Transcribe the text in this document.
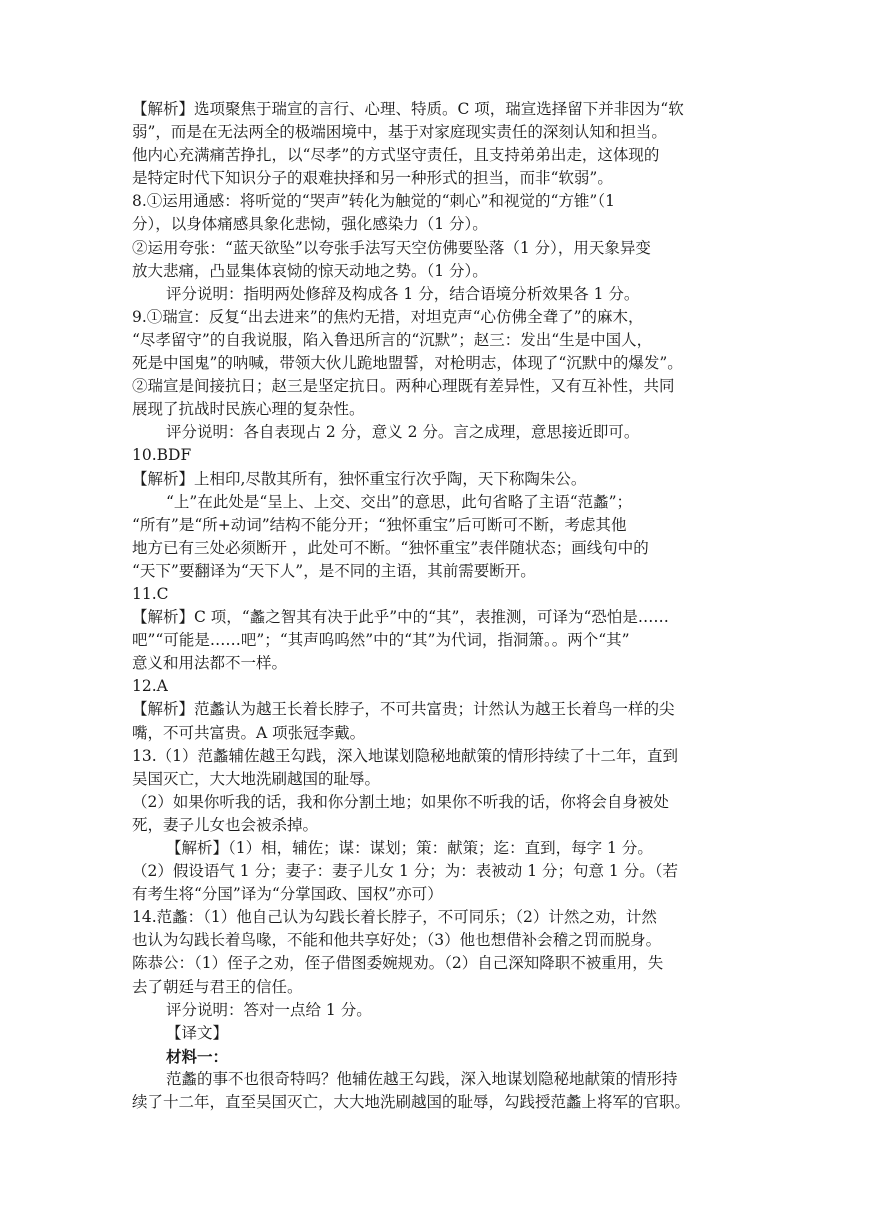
【解析】选项聚焦于瑞宣的言行、心理、特质。C 项，瑞宣选择留下并非因为“软

弱”，而是在无法两全的极端困境中，基于对家庭现实责任的深刻认知和担当。

他内心充满痛苦挣扎，以“尽孝”的方式坚守责任，且支持弟弟出走，这体现的

是特定时代下知识分子的艰难抉择和另一种形式的担当，而非“软弱”。

8.①运用通感：将听觉的“哭声”转化为触觉的“刺心”和视觉的“方锥”（1

分），以身体痛感具象化悲恸，强化感染力（1 分）。

②运用夸张：“蓝天欲坠”以夸张手法写天空仿佛要坠落（1 分），用天象异变

放大悲痛，凸显集体哀恸的惊天动地之势。（1 分）。

评分说明：指明两处修辞及构成各 1 分，结合语境分析效果各 1 分。

9.①瑞宣：反复“出去进来”的焦灼无措，对坦克声“心仿佛全聋了”的麻木，

“尽孝留守”的自我说服，陷入鲁迅所言的“沉默”；赵三：发出“生是中国人，

死是中国鬼”的呐喊，带领大伙儿跪地盟誓，对枪明志，体现了“沉默中的爆发”。

②瑞宣是间接抗日；赵三是坚定抗日。两种心理既有差异性，又有互补性，共同

展现了抗战时民族心理的复杂性。

评分说明：各自表现占 2 分，意义 2 分。言之成理，意思接近即可。

10.BDF

【解析】上相印,尽散其所有，独怀重宝行次乎陶，天下称陶朱公。

“上”在此处是“呈上、上交、交出”的意思，此句省略了主语“范蠡”；

“所有”是“所+动词”结构不能分开；“独怀重宝”后可断可不断，考虑其他

地方已有三处必须断开 ，此处可不断。“独怀重宝”表伴随状态；画线句中的

“天下”要翻译为“天下人”，是不同的主语，其前需要断开。

11.C

【解析】C 项，“蠡之智其有决于此乎”中的“其”，表推测，可译为“恐怕是……

吧”“可能是……吧”；“其声呜呜然”中的“其”为代词，指洞箫。。两个“其”

意义和用法都不一样。

12.A

【解析】范蠡认为越王长着长脖子，不可共富贵；计然认为越王长着鸟一样的尖

嘴，不可共富贵。A 项张冠李戴。

13.（1）范蠡辅佐越王勾践，深入地谋划隐秘地献策的情形持续了十二年，直到

吴国灭亡，大大地洗刷越国的耻辱。

（2）如果你听我的话，我和你分割土地；如果你不听我的话，你将会自身被处

死，妻子儿女也会被杀掉。

【解析】（1）相，辅佐；谋：谋划；策：献策；迄：直到，每字 1 分。

（2）假设语气 1 分；妻子：妻子儿女 1 分；为：表被动 1 分；句意 1 分。（若

有考生将“分国”译为“分掌国政、国权”亦可）

14.范蠡：（1）他自己认为勾践长着长脖子，不可同乐；（2）计然之劝，计然

也认为勾践长着鸟喙，不能和他共享好处；（3）他也想借补会稽之罚而脱身。

陈恭公：（1）侄子之劝，侄子借图委婉规劝。（2）自己深知降职不被重用，失

去了朝廷与君王的信任。

评分说明：答对一点给 1 分。

【译文】

材料一：

范蠡的事不也很奇特吗？他辅佐越王勾践，深入地谋划隐秘地献策的情形持

续了十二年，直至吴国灭亡，大大地洗刷越国的耻辱，勾践授范蠡上将军的官职。
